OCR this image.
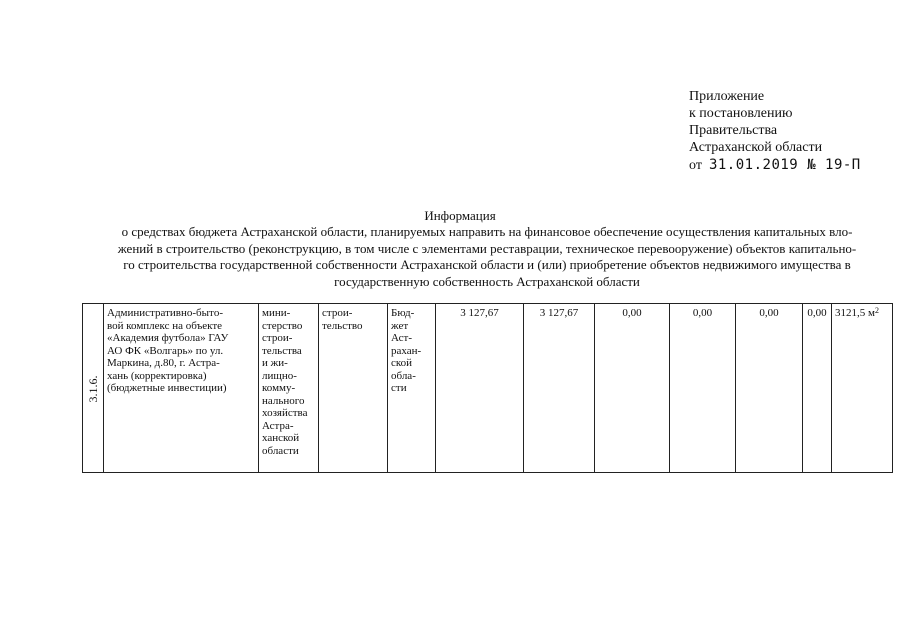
Приложение
к постановлению
Правительства
Астраханской области
от 31.01.2019 № 19-П
Информация
о средствах бюджета Астраханской области, планируемых направить на финансовое обеспечение осуществления капитальных вло-
жений в строительство (реконструкцию, в том числе с элементами реставрации, техническое перевооружение) объектов капитально-
го строительства государственной собственности Астраханской области и (или) приобретение объектов недвижимого имущества в
государственную собственность Астраханской области
3.1.6.

Административно-бытo-
вой комплекс на объекте
«Академия футбола» ГАУ
АО ФК «Волгарь» по ул.
Маркина, д.80, г. Астра-
хань (корректировка)
(бюджетные инвестиции)

мини-
стерство
строи-
тельства
и жи-
лищно-
комму-
нального
хозяйства
Астра-
ханской
области

строи-
тельство

Бюд-
жет
Аст-
рахан-
ской
обла-
сти
	3 127,67	3 127,67	0,00	0,00	0,00	0,00	3121,5 $м^2$
